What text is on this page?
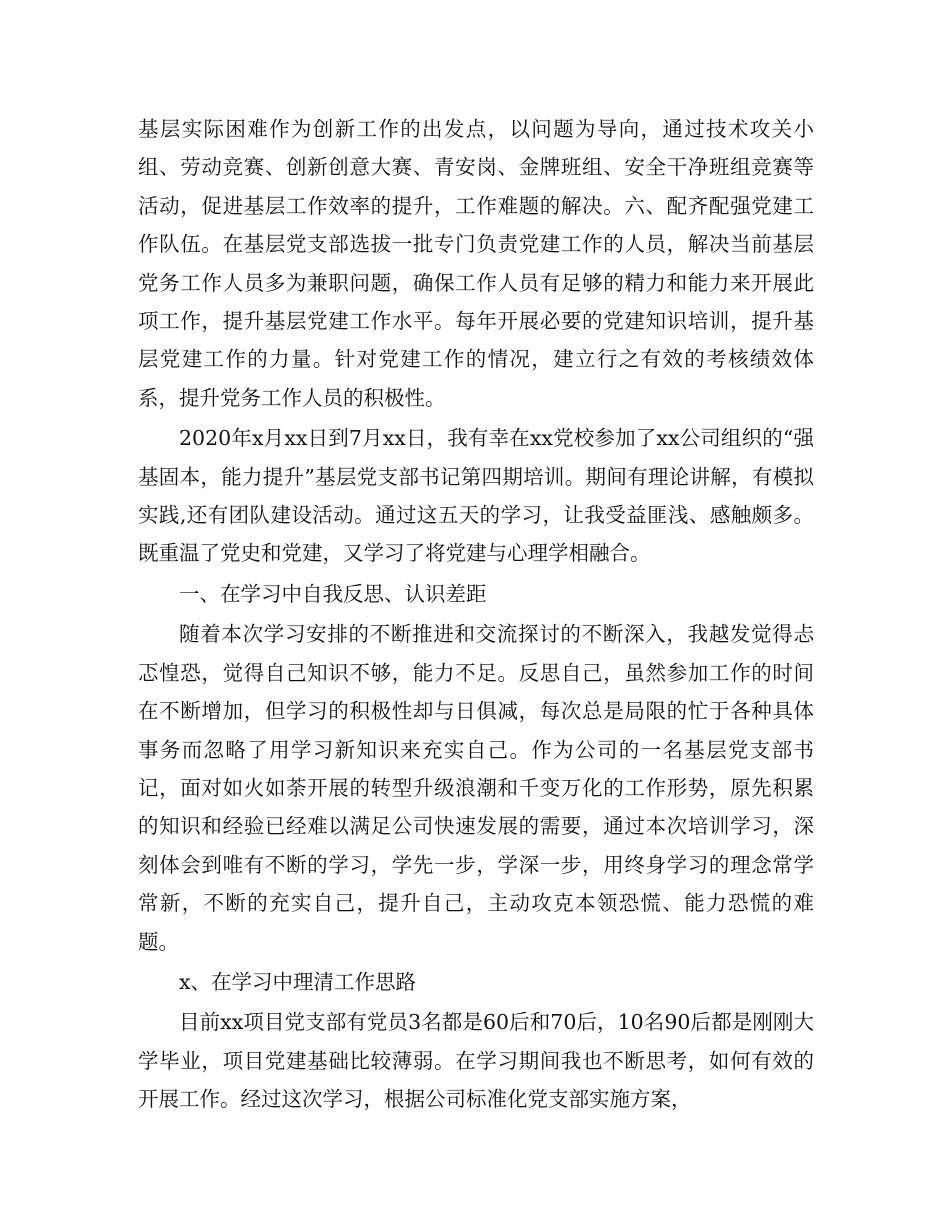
基层实际困难作为创新工作的出发点，以问题为导向，通过技术攻关小组、劳动竞赛、创新创意大赛、青安岗、金牌班组、安全干净班组竞赛等活动，促进基层工作效率的提升，工作难题的解决。六、配齐配强党建工作队伍。在基层党支部选拔一批专门负责党建工作的人员，解决当前基层党务工作人员多为兼职问题，确保工作人员有足够的精力和能力来开展此项工作，提升基层党建工作水平。每年开展必要的党建知识培训，提升基层党建工作的力量。针对党建工作的情况，建立行之有效的考核绩效体系，提升党务工作人员的积极性。

2020年x月xx日到7月xx日，我有幸在xx党校参加了xx公司组织的“强基固本，能力提升”基层党支部书记第四期培训。期间有理论讲解，有模拟实践,还有团队建设活动。通过这五天的学习，让我受益匪浅、感触颇多。既重温了党史和党建，又学习了将党建与心理学相融合。

一、在学习中自我反思、认识差距

随着本次学习安排的不断推进和交流探讨的不断深入，我越发觉得忐忑惶恐，觉得自己知识不够，能力不足。反思自己，虽然参加工作的时间在不断增加，但学习的积极性却与日俱减，每次总是局限的忙于各种具体事务而忽略了用学习新知识来充实自己。作为公司的一名基层党支部书记，面对如火如荼开展的转型升级浪潮和千变万化的工作形势，原先积累的知识和经验已经难以满足公司快速发展的需要，通过本次培训学习，深刻体会到唯有不断的学习，学先一步，学深一步，用终身学习的理念常学常新，不断的充实自己，提升自己，主动攻克本领恐慌、能力恐慌的难题。

x、在学习中理清工作思路

目前xx项目党支部有党员3名都是60后和70后，10名90后都是刚刚大学毕业，项目党建基础比较薄弱。在学习期间我也不断思考，如何有效的开展工作。经过这次学习，根据公司标准化党支部实施方案，
